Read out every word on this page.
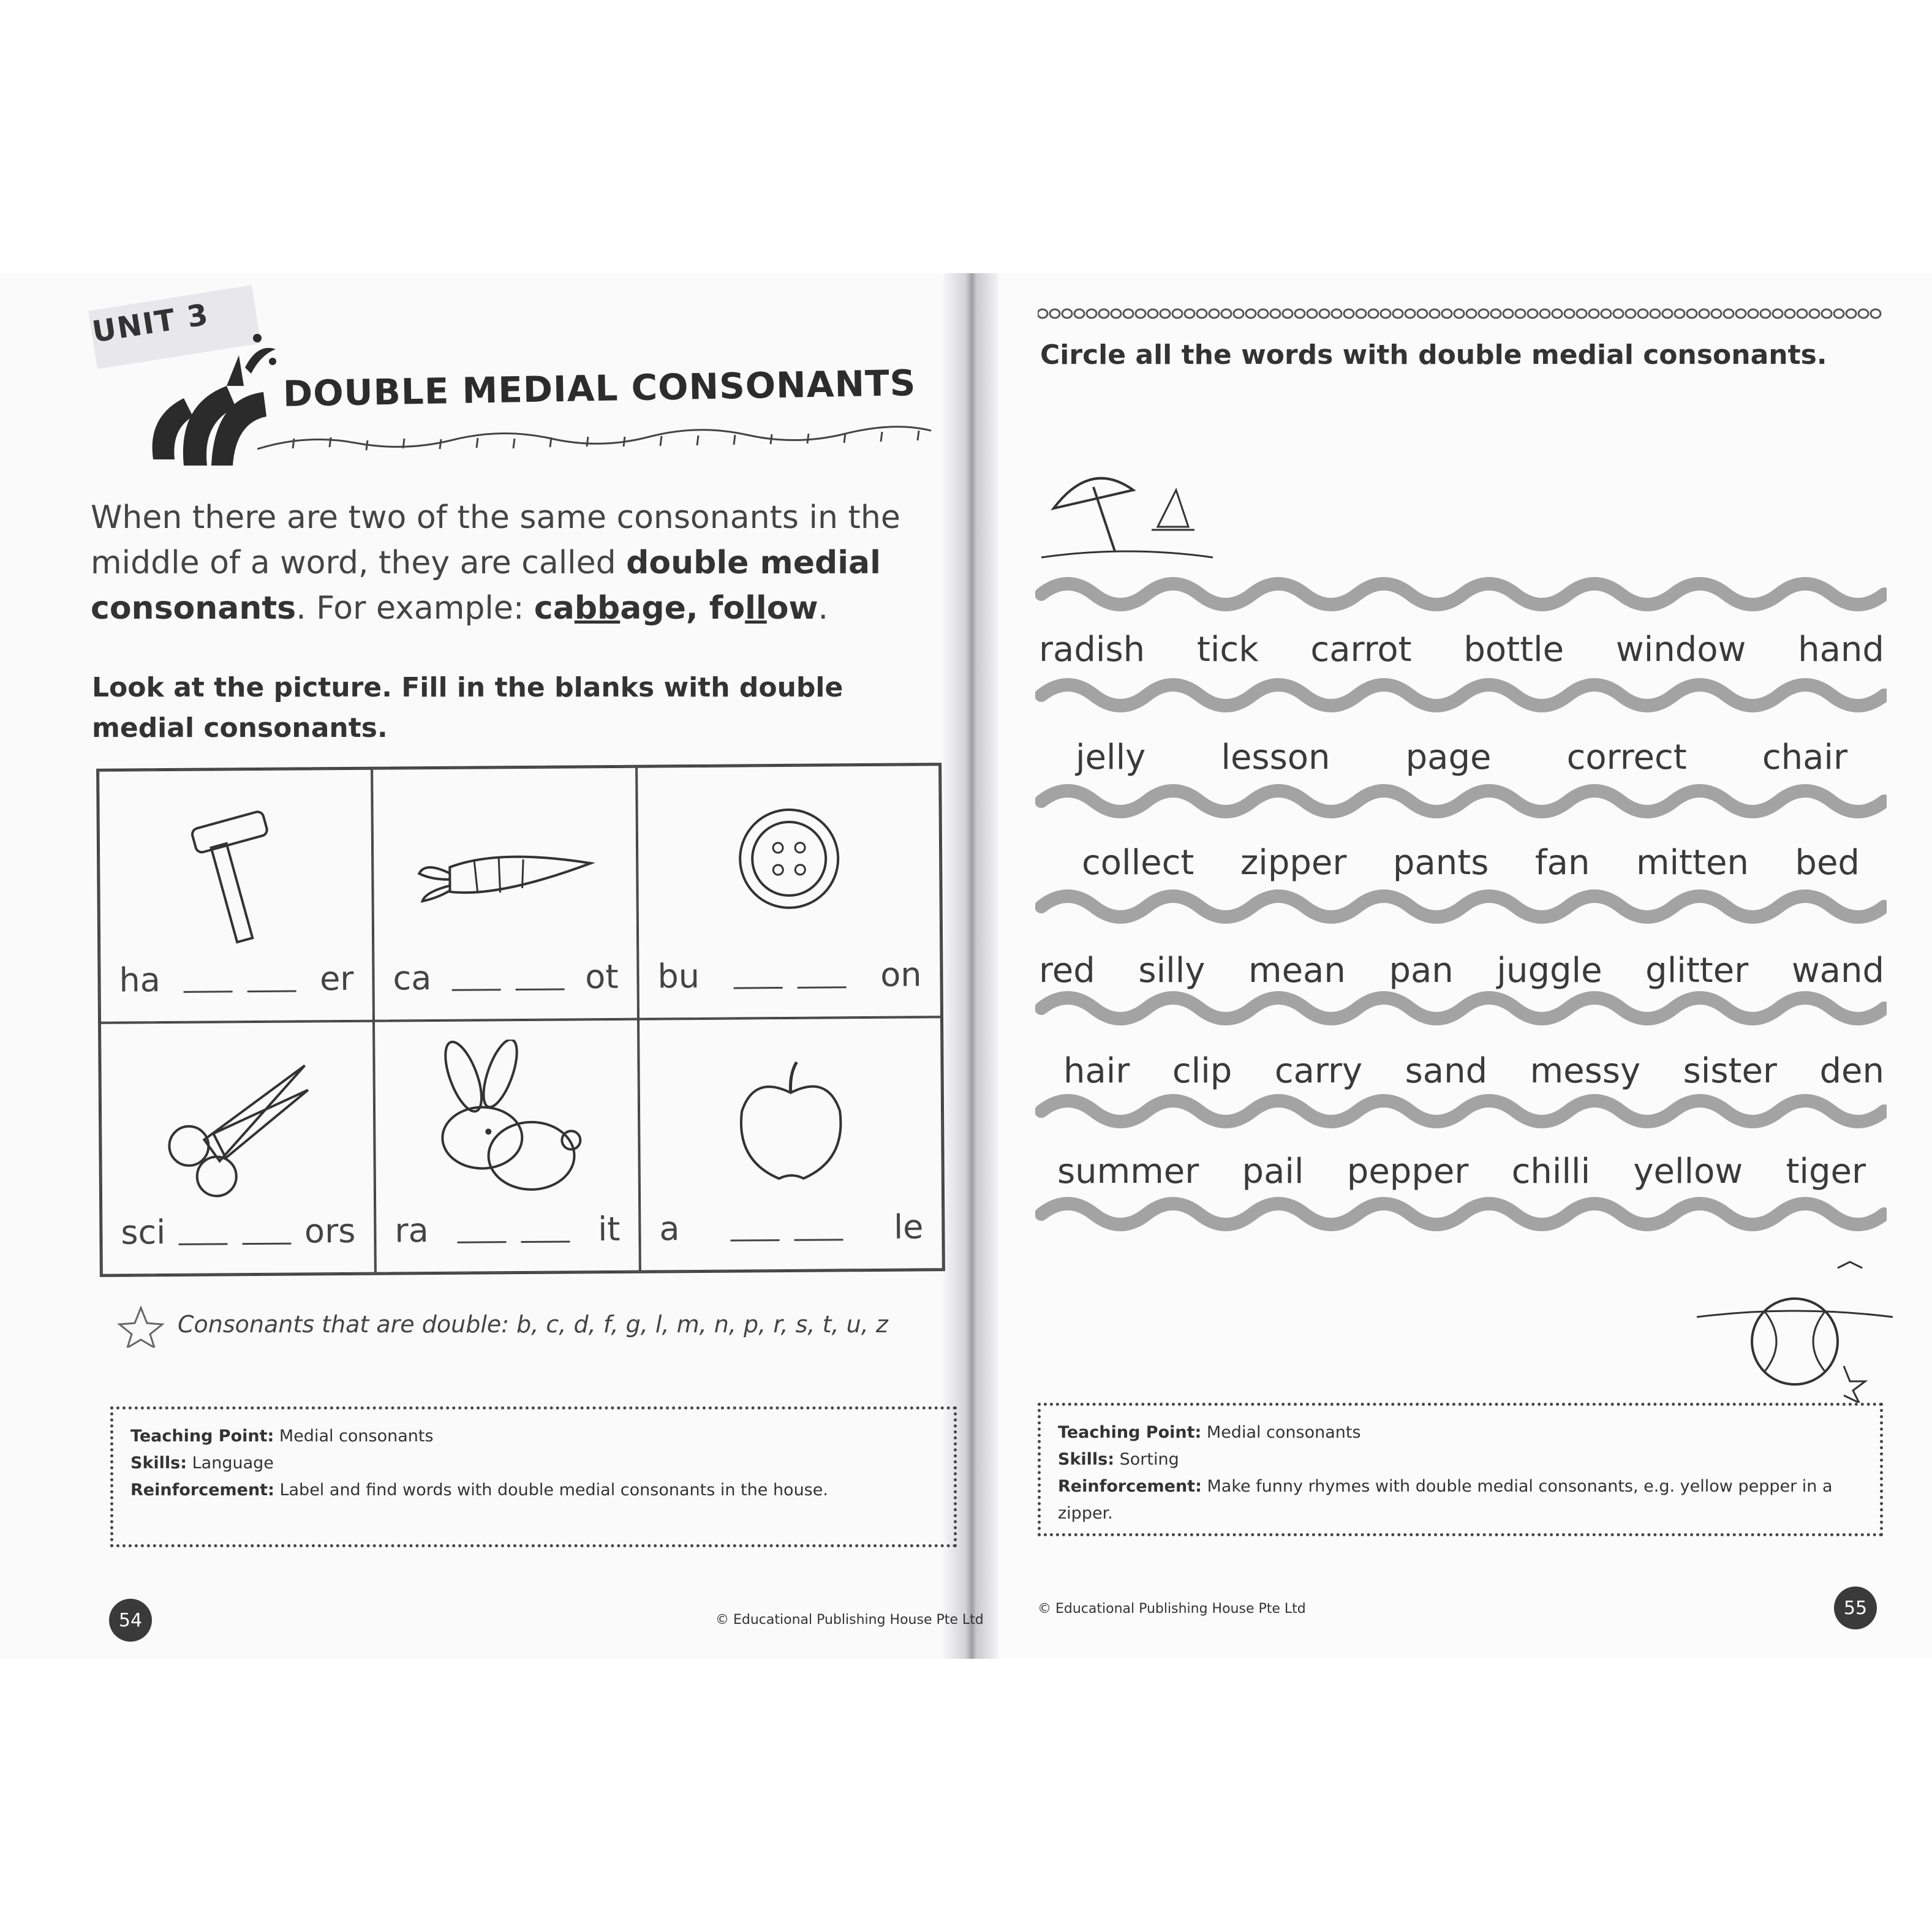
UNIT 3
DOUBLE MEDIAL CONSONANTS
When there are two of the same consonants in the middle of a word, they are called double medial consonants. For example: cabbage, follow.
Look at the picture. Fill in the blanks with double medial consonants.
ha	er ca	ot bu	on
sci	ors ra	it a	le
Consonants that are double: b, c, d, f, g, l, m, n, p, r, s, t, u, z
Teaching Point: Medial consonants
Skills: Language
Reinforcement: Label and find words with double medial consonants in the house.
54	© Educational Publishing House Pte Ltd
Circle all the words with double medial consonants.
radish tick carrot bottle window hand
jelly lesson page correct chair
collect zipper pants fan mitten bed
red silly mean pan juggle glitter wand
hair clip carry sand messy sister den
summer pail pepper chilli yellow tiger
Teaching Point: Medial consonants
Skills: Sorting
Reinforcement: Make funny rhymes with double medial consonants, e.g. yellow pepper in a zipper.
© Educational Publishing House Pte Ltd	55
